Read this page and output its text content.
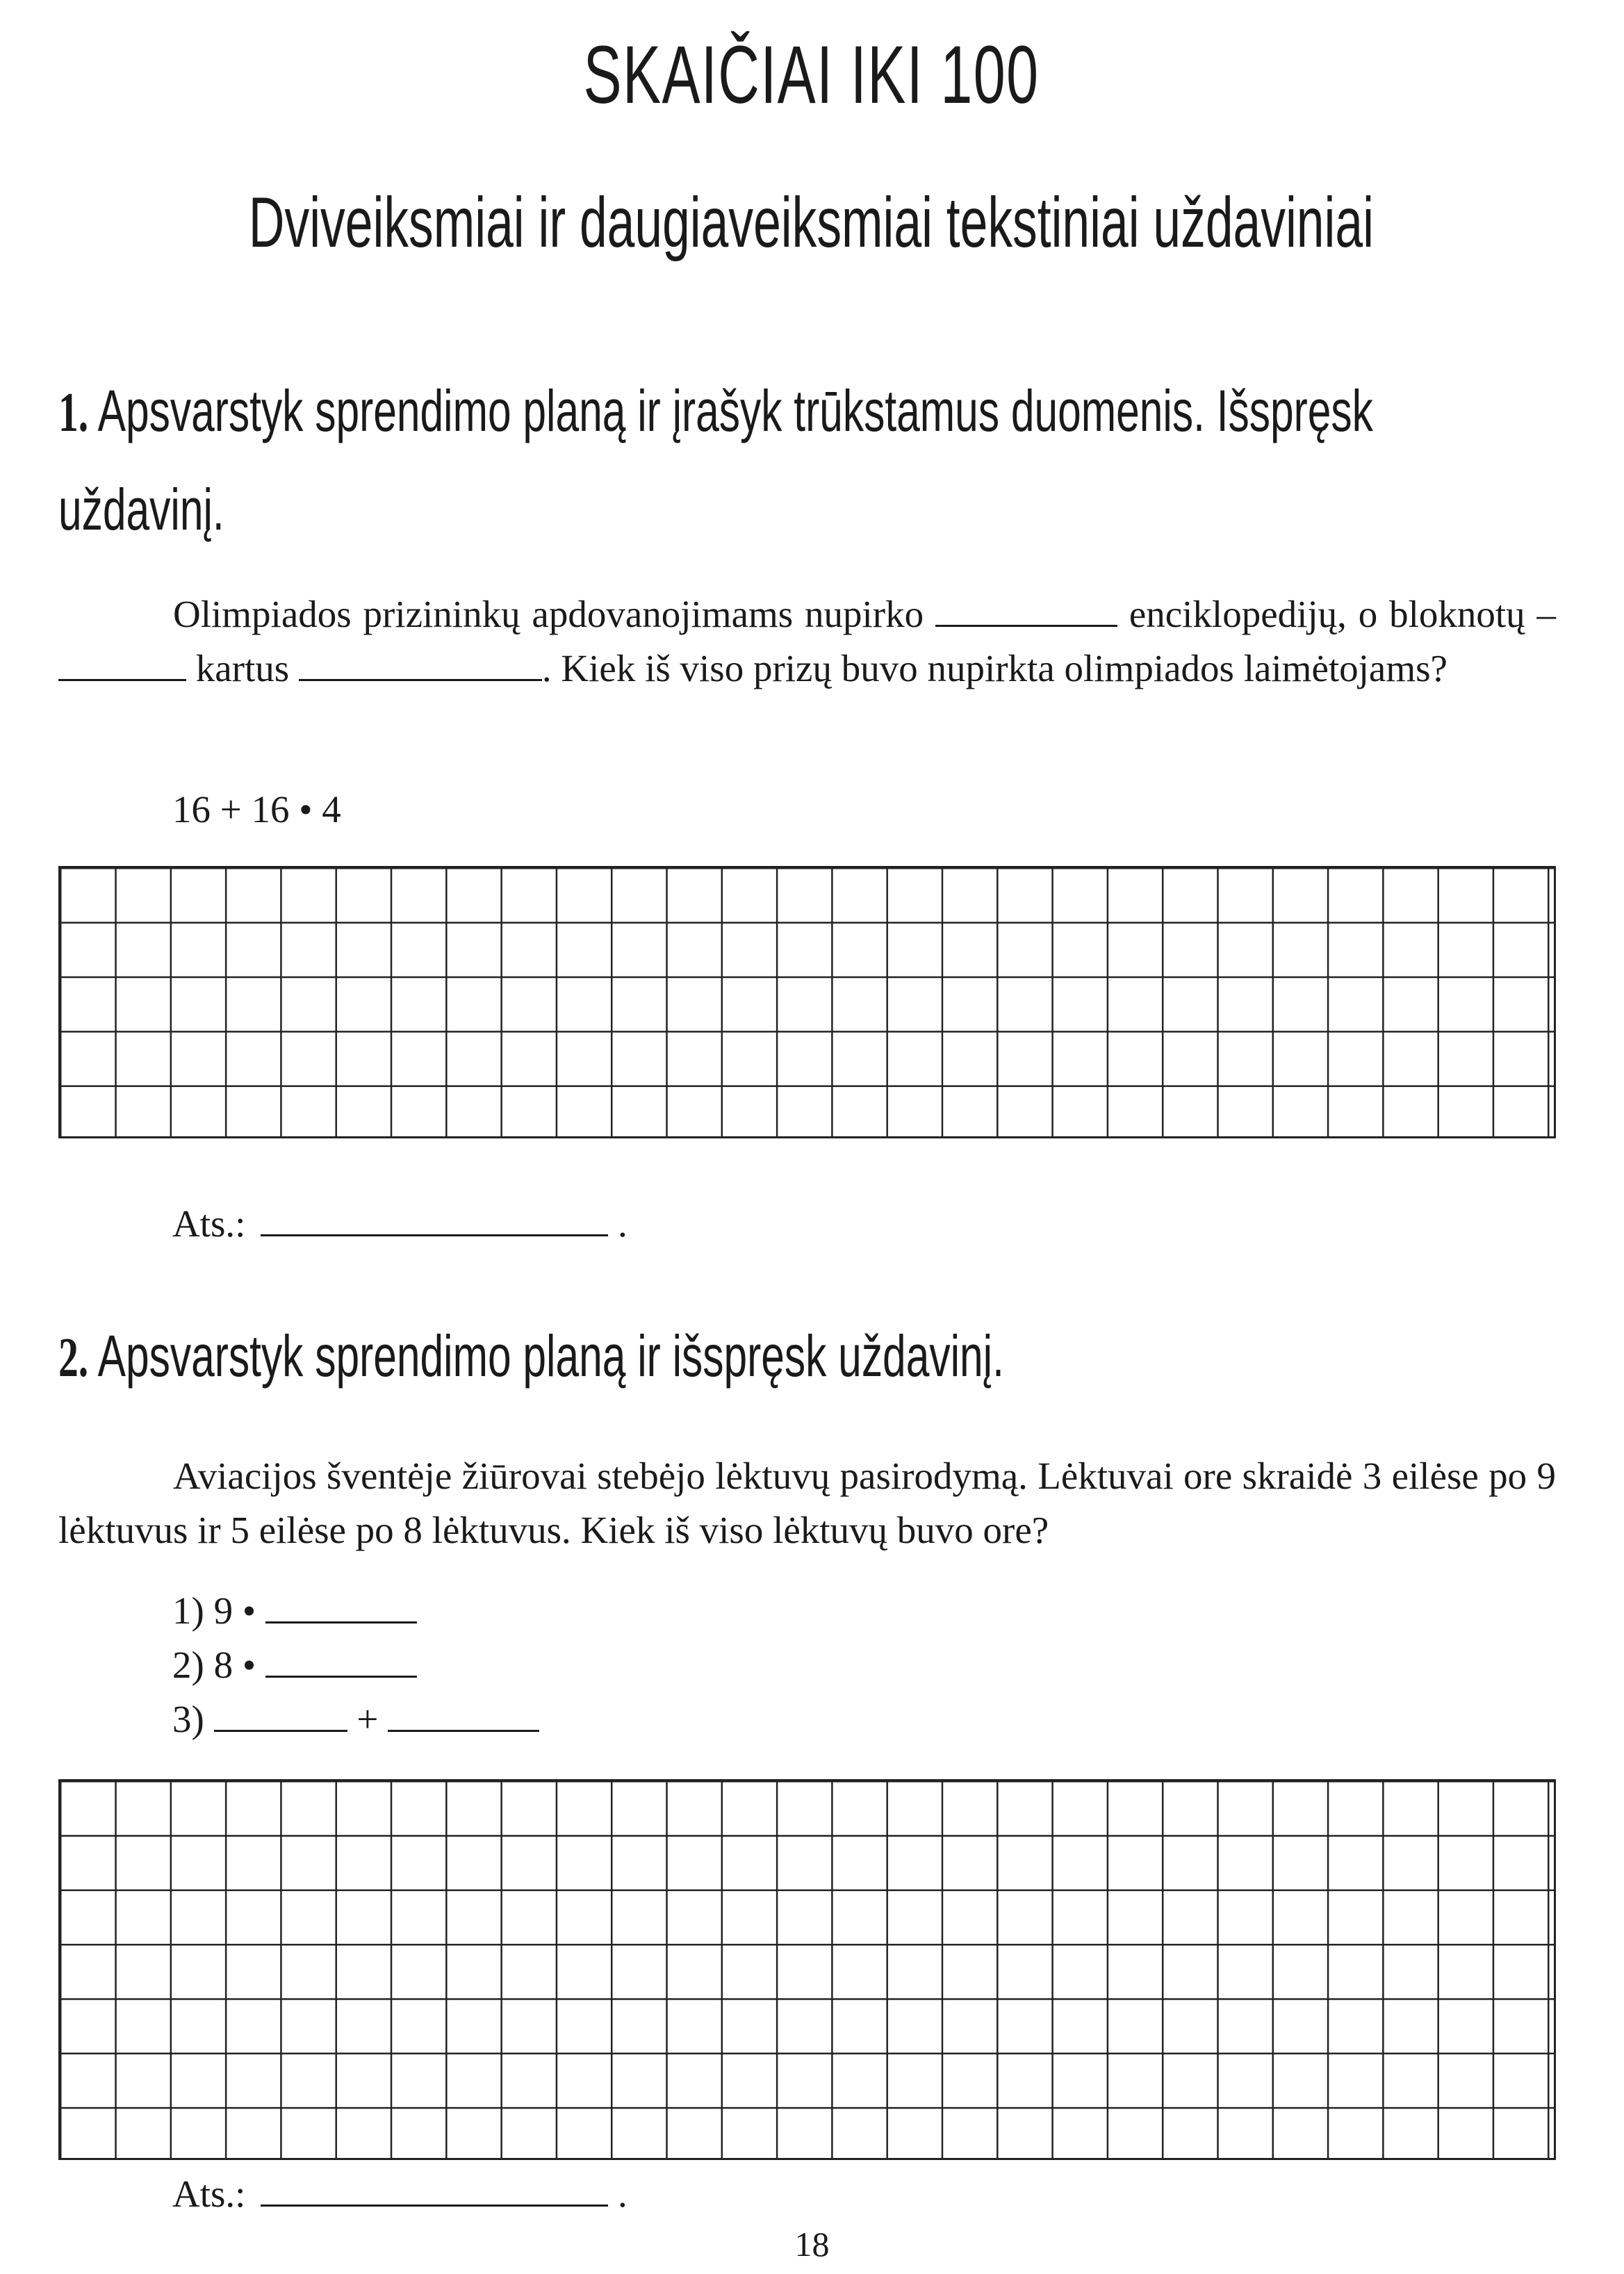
SKAIČIAI IKI 100
Dviveiksmiai ir daugiaveiksmiai tekstiniai uždaviniai
1. Apsvarstyk sprendimo planą ir įrašyk trūkstamus duomenis. Išspręsk
uždavinį.

Olimpiados prizininkų apdovanojimams nupirko	enciklopedijų, o bloknotų –  kartus	. Kiek iš viso prizų buvo nupirkta olimpiados laimėtojams?

16 + 16 • 4

Ats.:	.

2. Apsvarstyk sprendimo planą ir išspręsk uždavinį.

Aviacijos šventėje žiūrovai stebėjo lėktuvų pasirodymą. Lėktuvai ore skraidė 3 eilėse po 9 lėktuvus ir 5 eilėse po 8 lėktuvus. Kiek iš viso lėktuvų buvo ore?

1) 9 •

2) 8 •

3)	+

Ats.:	.

18
